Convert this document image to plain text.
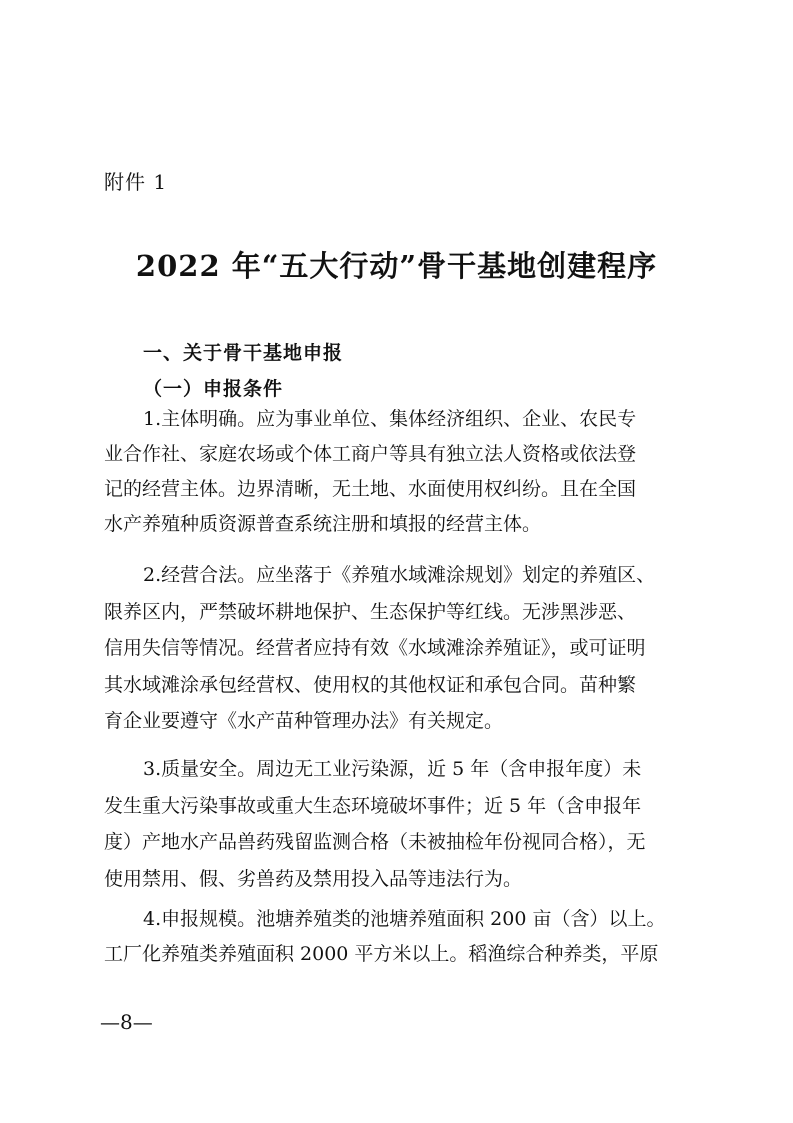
附件 1
2022 年“五大行动”骨干基地创建程序
一、关于骨干基地申报
（一）申报条件
1.主体明确。应为事业单位、集体经济组织、企业、农民专
业合作社、家庭农场或个体工商户等具有独立法人资格或依法登
记的经营主体。边界清晰，无土地、水面使用权纠纷。且在全国
水产养殖种质资源普查系统注册和填报的经营主体。
2.经营合法。应坐落于《养殖水域滩涂规划》划定的养殖区、
限养区内，严禁破坏耕地保护、生态保护等红线。无涉黑涉恶、
信用失信等情况。经营者应持有效《水域滩涂养殖证》，或可证明
其水域滩涂承包经营权、使用权的其他权证和承包合同。苗种繁
育企业要遵守《水产苗种管理办法》有关规定。
3.质量安全。周边无工业污染源，近 5 年（含申报年度）未
发生重大污染事故或重大生态环境破坏事件；近 5 年（含申报年
度）产地水产品兽药残留监测合格（未被抽检年份视同合格），无
使用禁用、假、劣兽药及禁用投入品等违法行为。
4.申报规模。池塘养殖类的池塘养殖面积 200 亩（含）以上。
工厂化养殖类养殖面积 2000 平方米以上。稻渔综合种养类，平原
—8—
